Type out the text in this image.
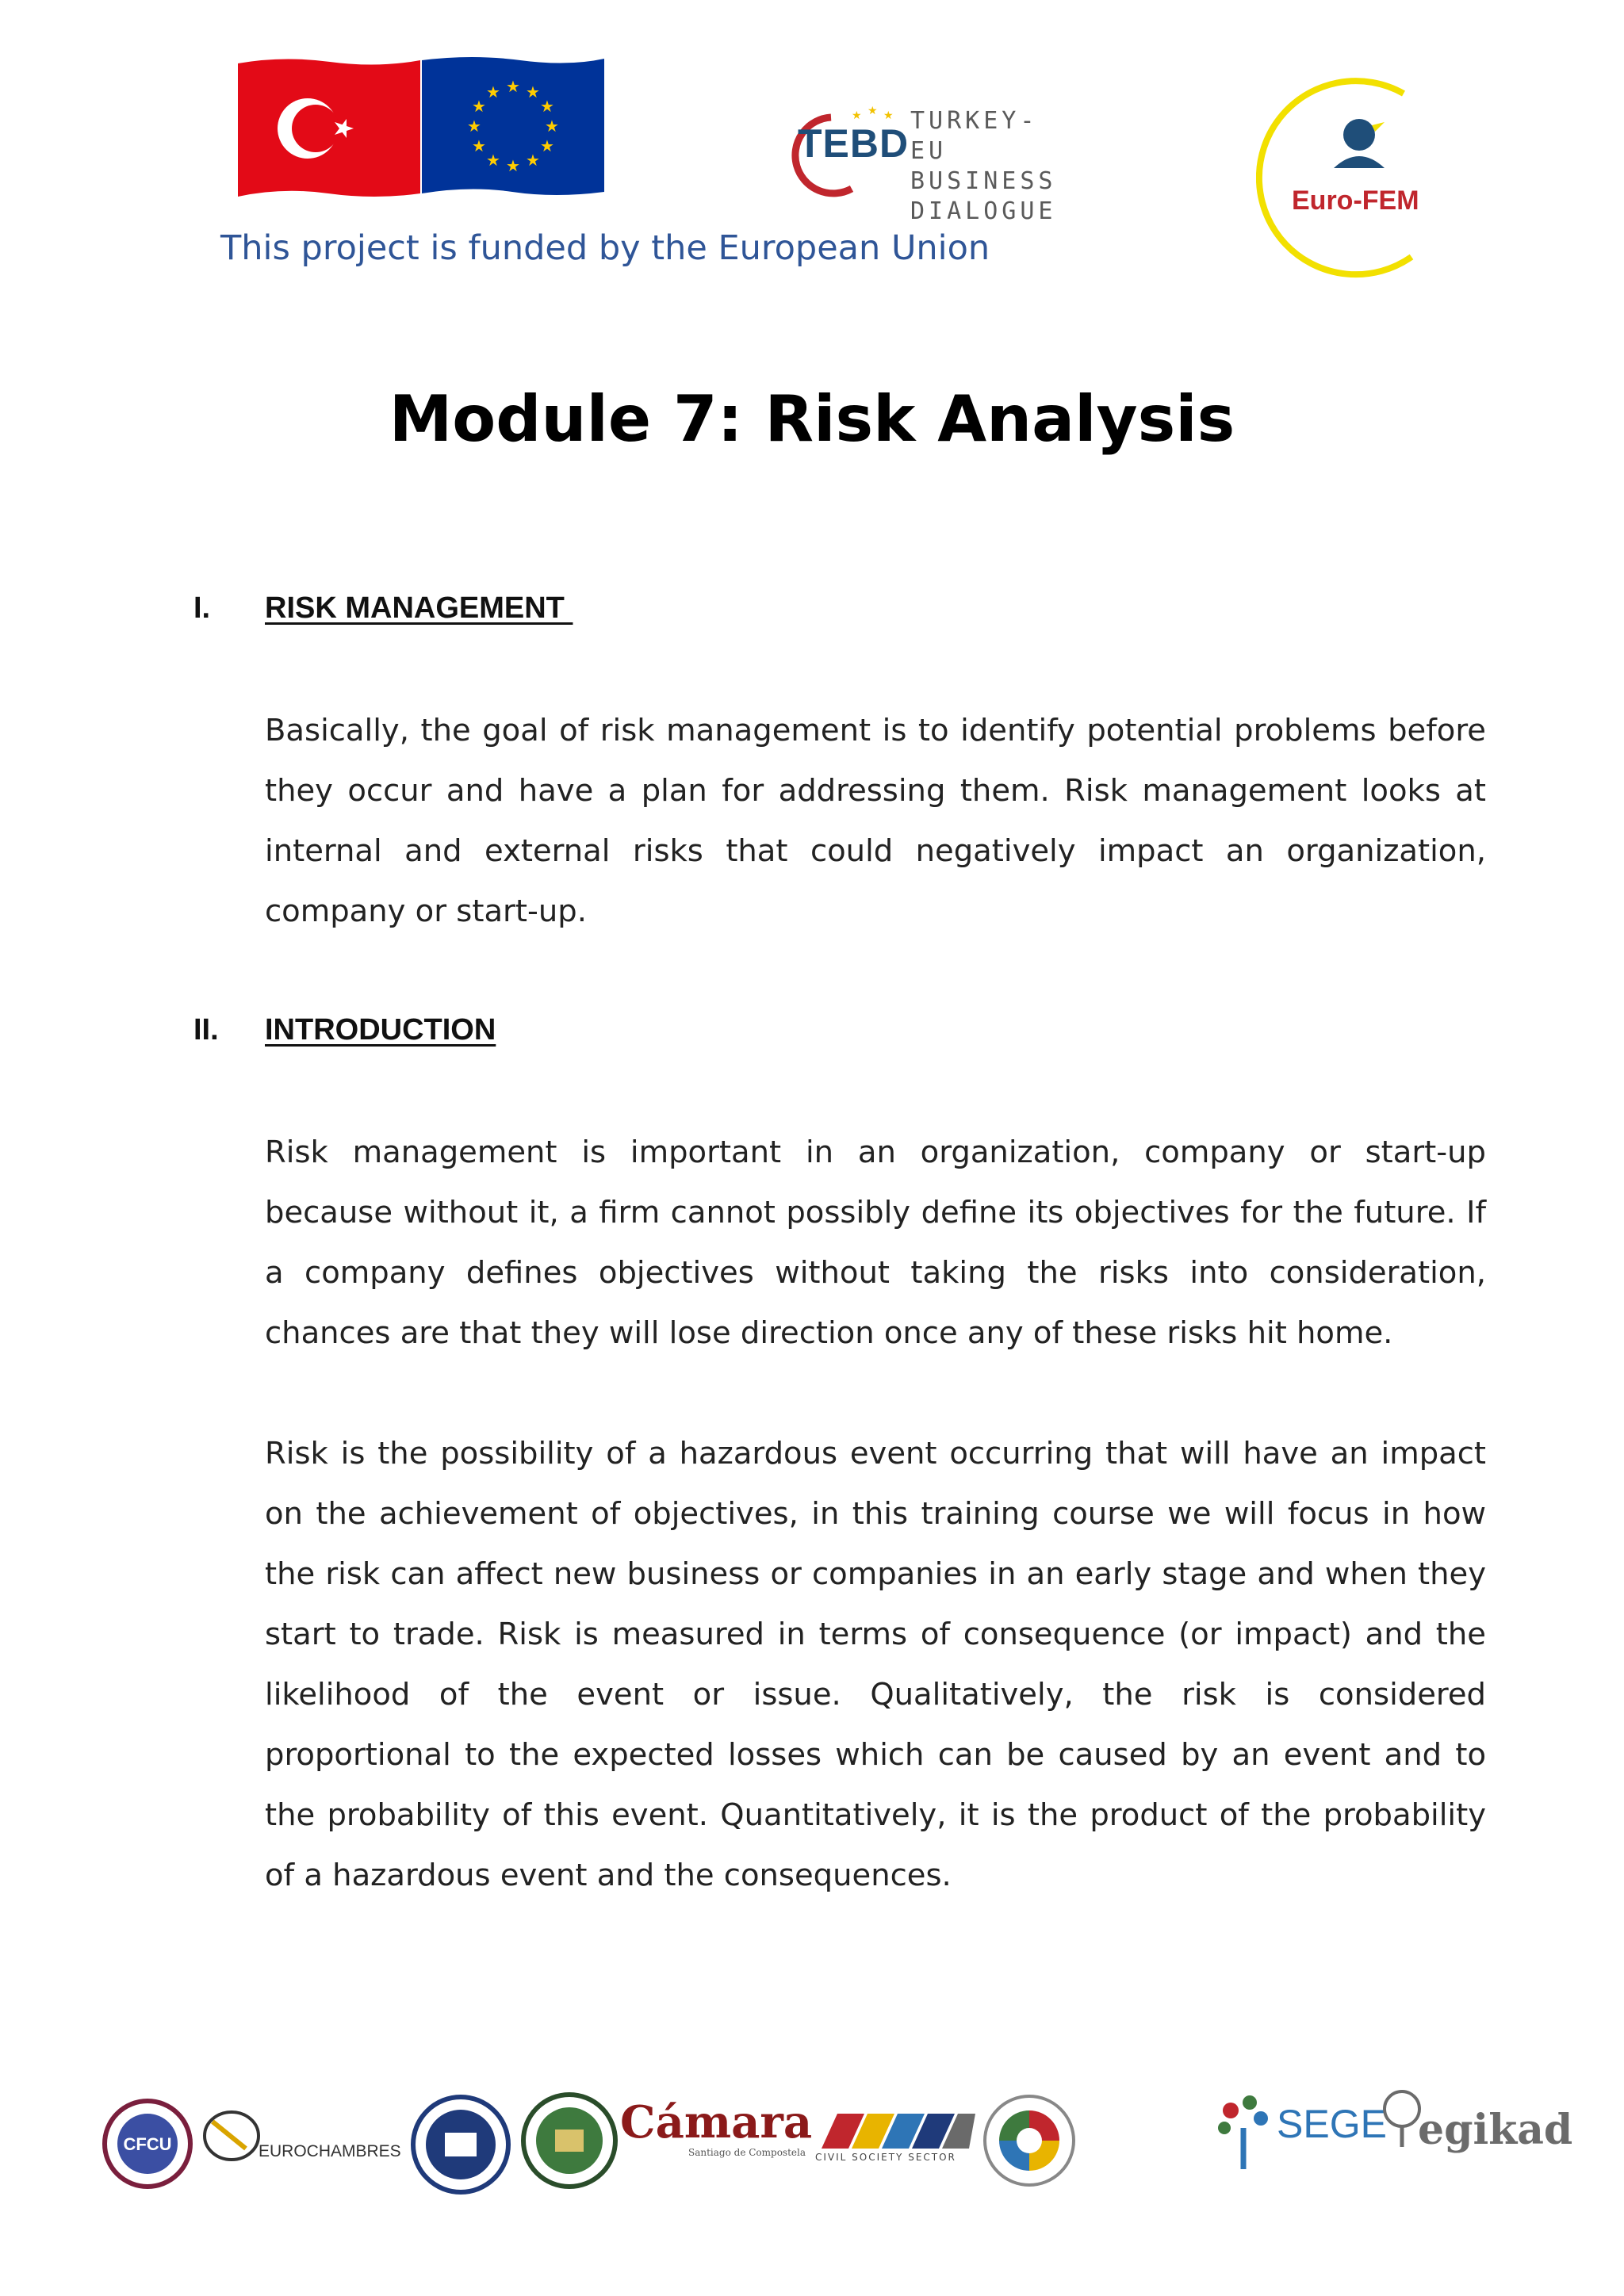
★ ★
★
★
★
★
★
★
★
★
★
★
This project is funded by the European Union
★ ★ ★
TEBD
TURKEY-EU
BUSINESS
DIALOGUE	Euro-FEM
Module 7: Risk Analysis
I. RISK MANAGEMENT

Basically, the goal of risk management is to identify potential problems before they occur and have a plan for addressing them. Risk management looks at internal and external risks that could negatively impact an organization, company or start-up.

II. INTRODUCTION

Risk management is important in an organization, company or start-up because without it, a firm cannot possibly define its objectives for the future. If a company defines objectives without taking the risks into consideration, chances are that they will lose direction once any of these risks hit home.

Risk is the possibility of a hazardous event occurring that will have an impact on the achievement of objectives, in this training course we will focus in how the risk can affect new business or companies in an early stage and when they start to trade. Risk is measured in terms of consequence (or impact) and the likelihood of the event or issue. Qualitatively, the risk is considered proportional to the expected losses which can be caused by an event and to the probability of this event. Quantitatively, it is the product of the probability of a hazardous event and the consequences.

CFCU	EUROCHAMBRES
Cámara
Santiago de Compostela CIVIL SOCIETY SECTOR
SEGE egikad
